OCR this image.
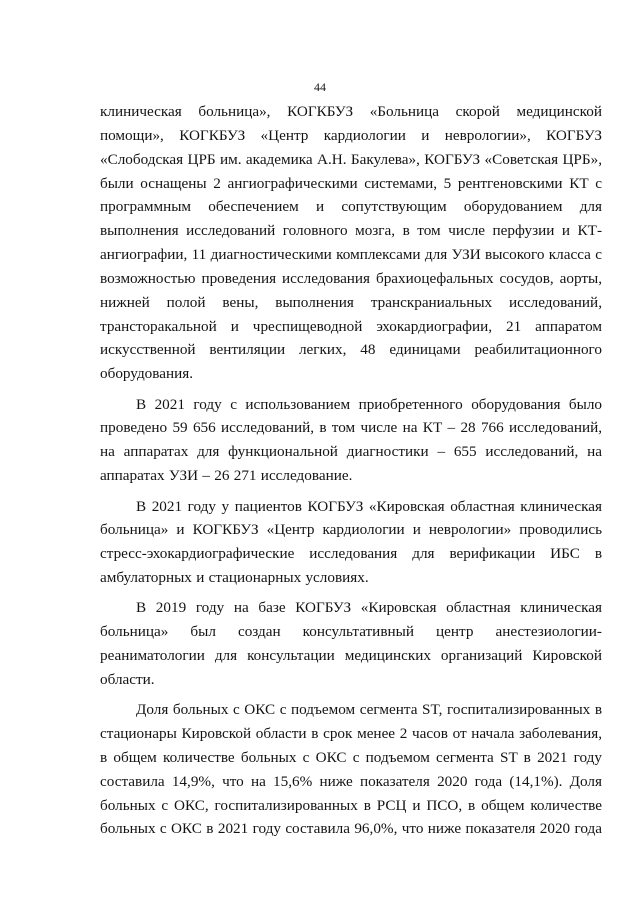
44

клиническая больница», КОГКБУЗ «Больница скорой медицинской помощи», КОГКБУЗ «Центр кардиологии и неврологии», КОГБУЗ «Слободская ЦРБ им. академика А.Н. Бакулева», КОГБУЗ «Советская ЦРБ», были оснащены 2 ангиографическими системами, 5 рентгеновскими КТ с программным обеспечением и сопутствующим оборудованием для выполнения исследований головного мозга, в том числе перфузии и КТ-ангиографии, 11 диагностическими комплексами для УЗИ высокого класса с возможностью проведения исследования брахиоцефальных сосудов, аорты, нижней полой вены, выполнения транскраниальных исследований, трансторакальной и чреспищеводной эхокардиографии, 21 аппаратом искусственной вентиляции легких, 48 единицами реабилитационного оборудования.

В 2021 году с использованием приобретенного оборудования было проведено 59 656 исследований, в том числе на КТ – 28 766 исследований, на аппаратах для функциональной диагностики – 655 исследований, на аппаратах УЗИ – 26 271 исследование.

В 2021 году у пациентов КОГБУЗ «Кировская областная клиническая больница» и КОГКБУЗ «Центр кардиологии и неврологии» проводились стресс-эхокардиографические исследования для верификации ИБС в амбулаторных и стационарных условиях.

В 2019 году на базе КОГБУЗ «Кировская областная клиническая больница» был создан консультативный центр анестезиологии-реаниматологии для консультации медицинских организаций Кировской области.

Доля больных с ОКС с подъемом сегмента ST, госпитализированных в стационары Кировской области в срок менее 2 часов от начала заболевания, в общем количестве больных с ОКС с подъемом сегмента ST в 2021 году составила 14,9%, что на 15,6% ниже показателя 2020 года (14,1%). Доля больных с ОКС, госпитализированных в РСЦ и ПСО, в общем количестве больных с ОКС в 2021 году составила 96,0%, что ниже показателя 2020 года
